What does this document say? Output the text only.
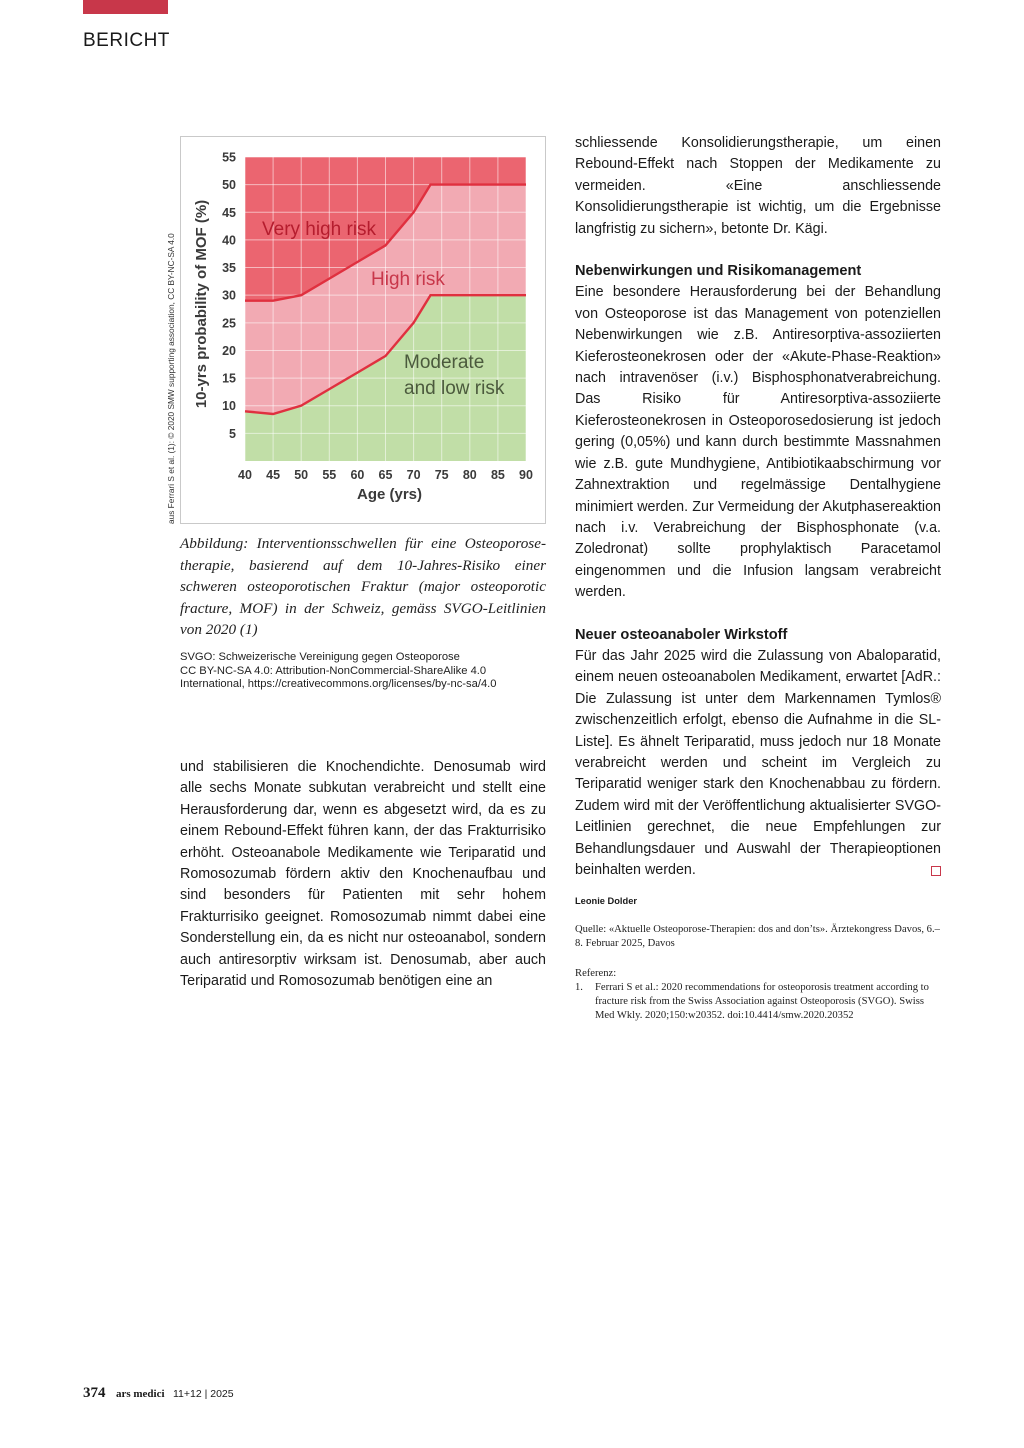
BERICHT
5
10
15
20
25
30
35
40
45
50
55
40 45 50 55 60 65 70 75 80 85 90
Age (yrs)
10-yrs probability of MOF (%)	Very high risk
High risk
Moderate
and low risk
aus Ferrari S et al. (1): © 2020 SMW supporting association, CC BY-NC-SA 4.0
Abbildung: Interventionsschwellen für eine Osteoporosetherapie, basierend auf dem 10-Jahres-Risiko einer schweren osteoporotischen Fraktur (major osteoporotic fracture, MOF) in der Schweiz, gemäss SVGO-Leitlinien von 2020 (1)

SVGO: Schweizerische Vereinigung gegen Osteoporose

CC BY-NC-SA 4.0: Attribution-NonCommercial-ShareAlike 4.0 International, https://creativecommons.org/licenses/by-nc-sa/4.0

und stabilisieren die Knochendichte. Denosumab wird alle sechs Monate subkutan verabreicht und stellt eine Herausforderung dar, wenn es abgesetzt wird, da es zu einem Rebound-Effekt führen kann, der das Frakturrisiko erhöht. Osteoanabole Medikamente wie Teriparatid und Romosozumab fördern aktiv den Knochenaufbau und sind besonders für Patienten mit sehr hohem Frakturrisiko geeignet. Romosozumab nimmt dabei eine Sonderstellung ein, da es nicht nur osteoanabol, sondern auch antiresorptiv wirksam ist. Denosumab, aber auch Teriparatid und Romosozumab benötigen eine an

schliessende Konsolidierungstherapie, um einen Rebound-Effekt nach Stoppen der Medikamente zu vermeiden. «Eine anschliessende Konsolidierungstherapie ist wichtig, um die Ergebnisse langfristig zu sichern», betonte Dr. Kägi.

Nebenwirkungen und Risikomanagement

Eine besondere Herausforderung bei der Behandlung von Osteoporose ist das Management von potenziellen Nebenwirkungen wie z.B. Antiresorptiva-assoziierten Kieferosteonekrosen oder der «Akute-Phase-Reaktion» nach intravenöser (i.v.) Bisphosphonatverabreichung. Das Risiko für Antiresorptiva-assoziierte Kieferosteonekrosen in Osteoporosedosierung ist jedoch gering (0,05%) und kann durch bestimmte Massnahmen wie z.B. gute Mundhygiene, Antibiotikaabschirmung vor Zahnextraktion und regelmässige Dentalhygiene minimiert werden. Zur Vermeidung der Akutphasereaktion nach i.v. Verabreichung der Bisphosphonate (v.a. Zoledronat) sollte prophylaktisch Paracetamol eingenommen und die Infusion langsam verabreicht werden.

Neuer osteoanaboler Wirkstoff

Für das Jahr 2025 wird die Zulassung von Abaloparatid, einem neuen osteoanabolen Medikament, erwartet [AdR.: Die Zulassung ist unter dem Markennamen Tymlos® zwischenzeitlich erfolgt, ebenso die Aufnahme in die SL-Liste]. Es ähnelt Teriparatid, muss jedoch nur 18 Monate verabreicht werden und scheint im Vergleich zu Teriparatid weniger stark den Knochenabbau zu fördern. Zudem wird mit der Veröffentlichung aktualisierter SVGO-Leitlinien gerechnet, die neue Empfehlungen zur Behandlungsdauer und Auswahl der Therapieoptionen beinhalten werden.

Leonie Dolder
Quelle: «Aktuelle Osteoporose-Therapien: dos and don’ts». Ärztekongress Davos, 6.–8. Februar 2025, Davos
Referenz:
1.	Ferrari S et al.: 2020 recommendations for osteoporosis treatment according to fracture risk from the Swiss Association against Osteoporosis (SVGO). Swiss Med Wkly. 2020;150:w20352. doi:10.4414/smw.2020.20352
374 ars medici 11+12 | 2025
